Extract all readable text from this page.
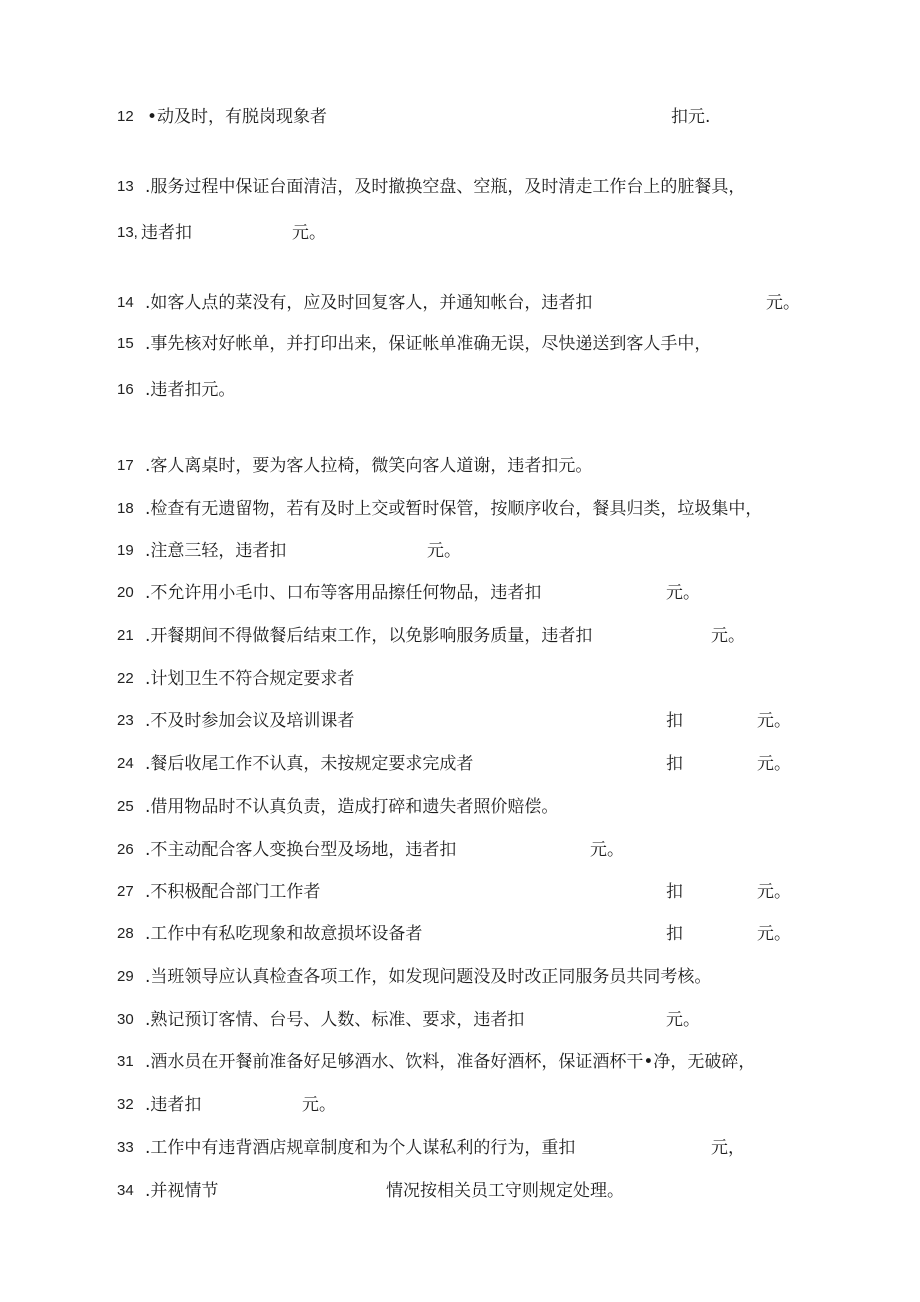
12 •动及时，有脱岗现象者	扣元.
13 .服务过程中保证台面清洁，及时撤换空盘、空瓶，及时清走工作台上的脏餐具，
13, 违者扣	元。
14 .如客人点的菜没有，应及时回复客人，并通知帐台，违者扣	元。
15 .事先核对好帐单，并打印出来，保证帐单准确无误，尽快递送到客人手中，
16 .违者扣元。
17 .客人离桌时，要为客人拉椅，微笑向客人道谢，违者扣元。
18 .检查有无遗留物，若有及时上交或暂时保管，按顺序收台，餐具归类，垃圾集中，
19 .注意三轻，违者扣	元。
20 .不允许用小毛巾、口布等客用品擦任何物品，违者扣	元。
21 .开餐期间不得做餐后结束工作，以免影响服务质量，违者扣	元。
22 .计划卫生不符合规定要求者
23 .不及时参加会议及培训课者	扣	元。
24 .餐后收尾工作不认真，未按规定要求完成者	扣	元。
25 .借用物品时不认真负责，造成打碎和遗失者照价赔偿。
26 .不主动配合客人变换台型及场地，违者扣	元。
27 .不积极配合部门工作者	扣	元。
28 .工作中有私吃现象和故意损坏设备者	扣	元。
29 .当班领导应认真检查各项工作，如发现问题没及时改正同服务员共同考核。
30 .熟记预订客情、台号、人数、标准、要求，违者扣	元。
31 .酒水员在开餐前准备好足够酒水、饮料，准备好酒杯，保证酒杯干•净，无破碎，
32 .违者扣	元。
33 .工作中有违背酒店规章制度和为个人谋私利的行为，重扣	元，
34 .并视情节	情况按相关员工守则规定处理。
